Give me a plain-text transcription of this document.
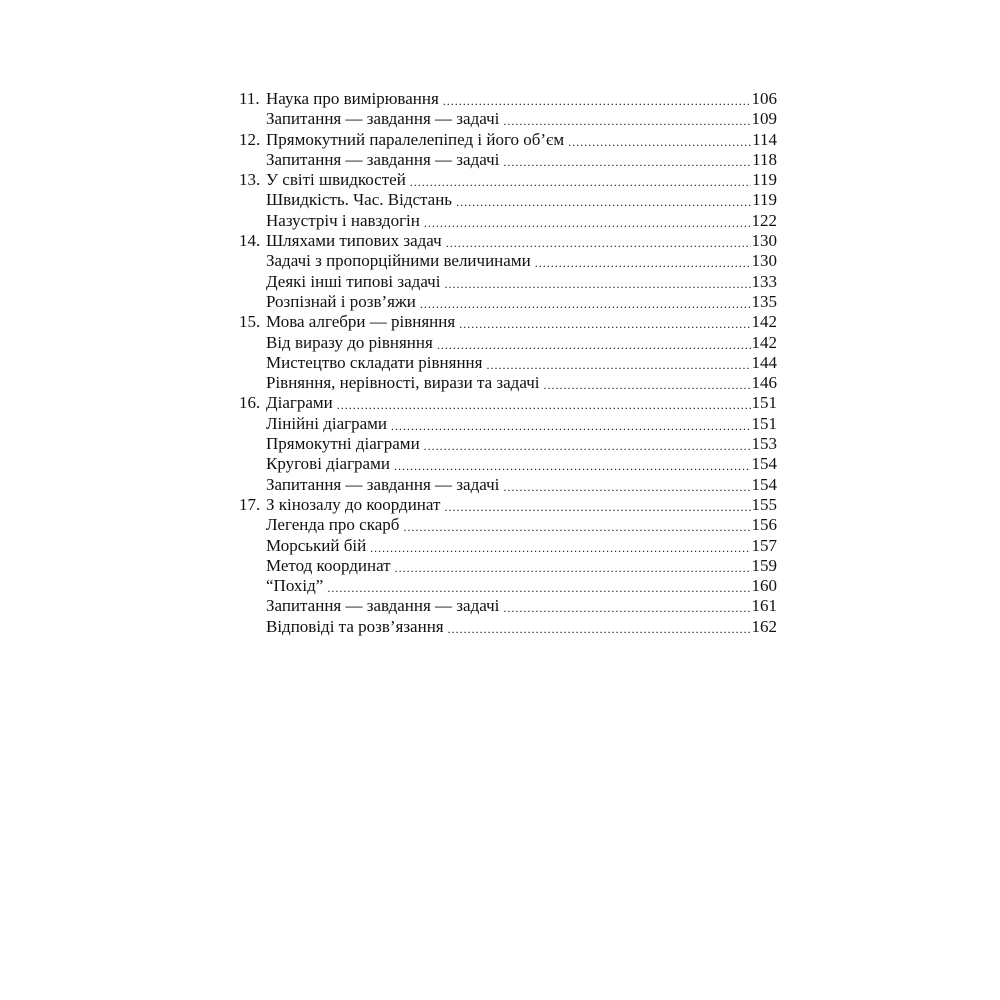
11. Наука про вимірювання .....	106
Запитання — завдання — задачі .....	109
12. Прямокутний паралелепіпед і його об’єм .....	114
Запитання — завдання — задачі .....	118
13. У світі швидкостей .....	119
Швидкість. Час. Відстань .....	119
Назустріч і навздогін .....	122
14. Шляхами типових задач .....	130
Задачі з пропорційними величинами .....	130
Деякі інші типові задачі .....	133
Розпізнай і розв’яжи .....	135
15. Мова алгебри — рівняння .....	142
Від виразу до рівняння .....	142
Мистецтво складати рівняння .....	144
Рівняння, нерівності, вирази та задачі .....	146
16. Діаграми .....	151
Лінійні діаграми .....	151
Прямокутні діаграми .....	153
Кругові діаграми .....	154
Запитання — завдання — задачі .....	154
17. З кінозалу до координат .....	155
Легенда про скарб .....	156
Морський бій .....	157
Метод координат .....	159
“Похід” .....	160
Запитання — завдання — задачі .....	161
Відповіді та розв’язання .....	162
